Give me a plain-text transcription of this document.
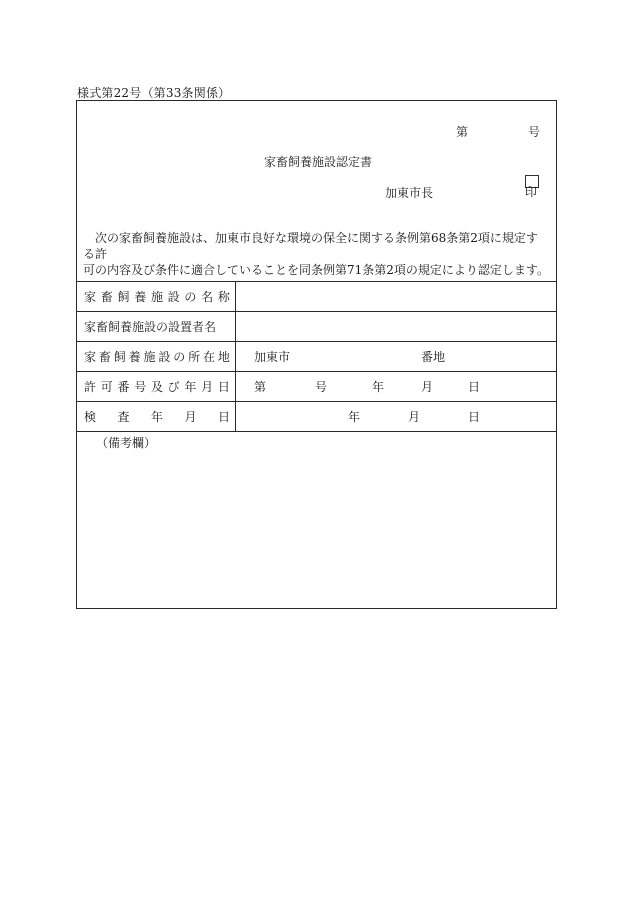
様式第22号（第33条関係）
第	号
家畜飼養施設認定書
加東市長	印

　次の家畜飼養施設は、加東市良好な環境の保全に関する条例第68条第2項に規定する許

可の内容及び条件に適合していることを同条例第71条第2項の規定により認定します。

家 畜 飼 養 施 設 の 名 称
家畜飼養施設の設置者名
家 畜 飼 養 施 設 の 所 在 地 加東市	番地
許 可 番 号 及 び 年 月 日 第	号	年	月	日
検 査 年 月 日	年	月	日
（備考欄）
